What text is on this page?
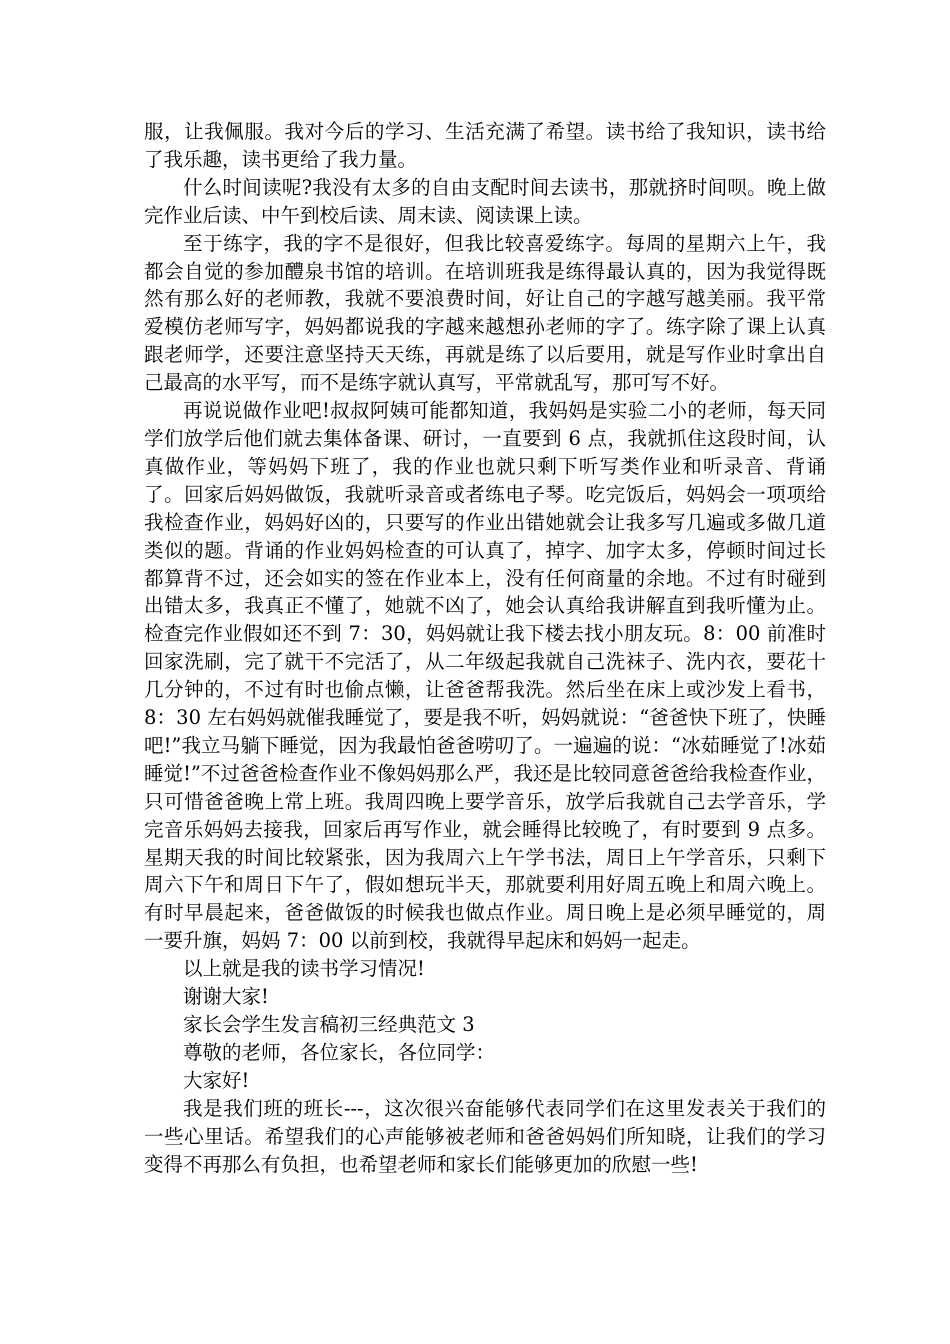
服，让我佩服。我对今后的学习、生活充满了希望。读书给了我知识，读书给了我乐趣，读书更给了我力量。

什么时间读呢?我没有太多的自由支配时间去读书，那就挤时间呗。晚上做完作业后读、中午到校后读、周末读、阅读课上读。

至于练字，我的字不是很好，但我比较喜爱练字。每周的星期六上午，我都会自觉的参加醴泉书馆的培训。在培训班我是练得最认真的，因为我觉得既然有那么好的老师教，我就不要浪费时间，好让自己的字越写越美丽。我平常爱模仿老师写字，妈妈都说我的字越来越想孙老师的字了。练字除了课上认真跟老师学，还要注意坚持天天练，再就是练了以后要用，就是写作业时拿出自己最高的水平写，而不是练字就认真写，平常就乱写，那可写不好。

再说说做作业吧!叔叔阿姨可能都知道，我妈妈是实验二小的老师，每天同学们放学后他们就去集体备课、研讨，一直要到 6 点，我就抓住这段时间，认真做作业，等妈妈下班了，我的作业也就只剩下听写类作业和听录音、背诵了。回家后妈妈做饭，我就听录音或者练电子琴。吃完饭后，妈妈会一项项给我检查作业，妈妈好凶的，只要写的作业出错她就会让我多写几遍或多做几道类似的题。背诵的作业妈妈检查的可认真了，掉字、加字太多，停顿时间过长都算背不过，还会如实的签在作业本上，没有任何商量的余地。不过有时碰到出错太多，我真正不懂了，她就不凶了，她会认真给我讲解直到我听懂为止。检查完作业假如还不到 7：30，妈妈就让我下楼去找小朋友玩。8：00 前准时回家洗刷，完了就干不完活了，从二年级起我就自己洗袜子、洗内衣，要花十几分钟的，不过有时也偷点懒，让爸爸帮我洗。然后坐在床上或沙发上看书，8：30 左右妈妈就催我睡觉了，要是我不听，妈妈就说：“爸爸快下班了，快睡吧!”我立马躺下睡觉，因为我最怕爸爸唠叨了。一遍遍的说：“冰茹睡觉了!冰茹睡觉!”不过爸爸检查作业不像妈妈那么严，我还是比较同意爸爸给我检查作业，只可惜爸爸晚上常上班。我周四晚上要学音乐，放学后我就自己去学音乐，学完音乐妈妈去接我，回家后再写作业，就会睡得比较晚了，有时要到 9 点多。星期天我的时间比较紧张，因为我周六上午学书法，周日上午学音乐，只剩下周六下午和周日下午了，假如想玩半天，那就要利用好周五晚上和周六晚上。有时早晨起来，爸爸做饭的时候我也做点作业。周日晚上是必须早睡觉的，周一要升旗，妈妈 7：00 以前到校，我就得早起床和妈妈一起走。

以上就是我的读书学习情况!

谢谢大家!

家长会学生发言稿初三经典范文 3

尊敬的老师，各位家长，各位同学：

大家好!

我是我们班的班长---，这次很兴奋能够代表同学们在这里发表关于我们的一些心里话。希望我们的心声能够被老师和爸爸妈妈们所知晓，让我们的学习变得不再那么有负担，也希望老师和家长们能够更加的欣慰一些!
